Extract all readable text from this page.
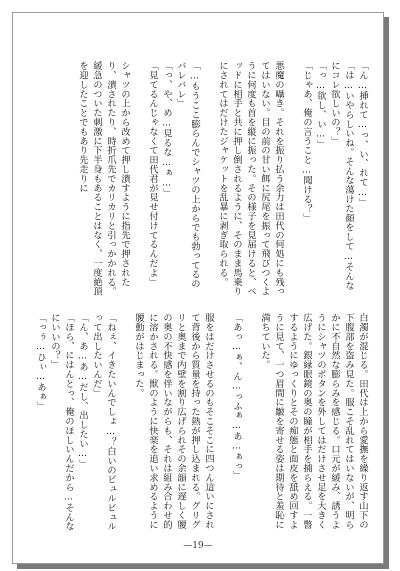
「ん…挿れて…っ、い、れて…」

「は…いやらしいね。そんな蕩けた顔をして…そんなにコレ欲しいの？」

「っ…欲し、い…」

「じゃあ、俺の言うこと…聞ける？」

悪魔の囁き。それを振り払う余力は田代の何処にも残ってはいない。目の前の甘い餌に尻尾を振って飛びつくように何度も首を縦に振った。その様子を見届けると、ベッドに相手と共に押し倒されるように、そのまま馬乗りにされてはだけたジャケットを乱暴に剥ぎ取られる。

「…もうここ膨らんでシャツの上からでも勃ってるのバレバレ」

「っ、や、め…見るな…ぁ…」

「見てるんじゃなくて田代君が見せ付けてるんだよ」

シャツの上から改めて押し潰すように指先で押されたり、潰されたり、時折爪先でカリカリと引っかかれる。緩急のついた刺激に下半身もあることはなく、一度絶頂を迎したことでもあり先走りに

白濁が混じる。田代は上から愛撫を繰り返す山下の下腹部を盗み見た。服こそ乱れてはいないが、明らかに不自然な膨らみを感じる。口元が緩み、誘うようにシャツのボタンを外してはだけさせ足を大きく広げた。銀縁眼鏡の奥の瞳が相手を捕らえる。一瞥するようにゆっくりとその痴態と面皮を舐め回すように見て、一つ眉間に皺を寄せる姿は期待と羞恥に満ちていた。

「あっ…ぁ、ん…っふぁ…あ…ぁっ」

服をはだけさせるのもそこそこに四つん這いにされて背後から質量を持った熱が押し込まれる。グリグリと奥まで内壁を割り広げられその余韻に遅しく腰の奥の不快感を伴いながらも、それは組み合わせ的に溶かされる。獣のように快楽を追い求めるように腰動がはじまった。

「ねぇ、イきたいんでしょ…？白いのビュルビュルって出したいんだ」

「ん、あ…あ…だし、出したい…」

「ほら、にはんとっ、俺のほしいんだから…そんなにいいの？」

「っぅ…ひぃ…あぁ」

—19—
